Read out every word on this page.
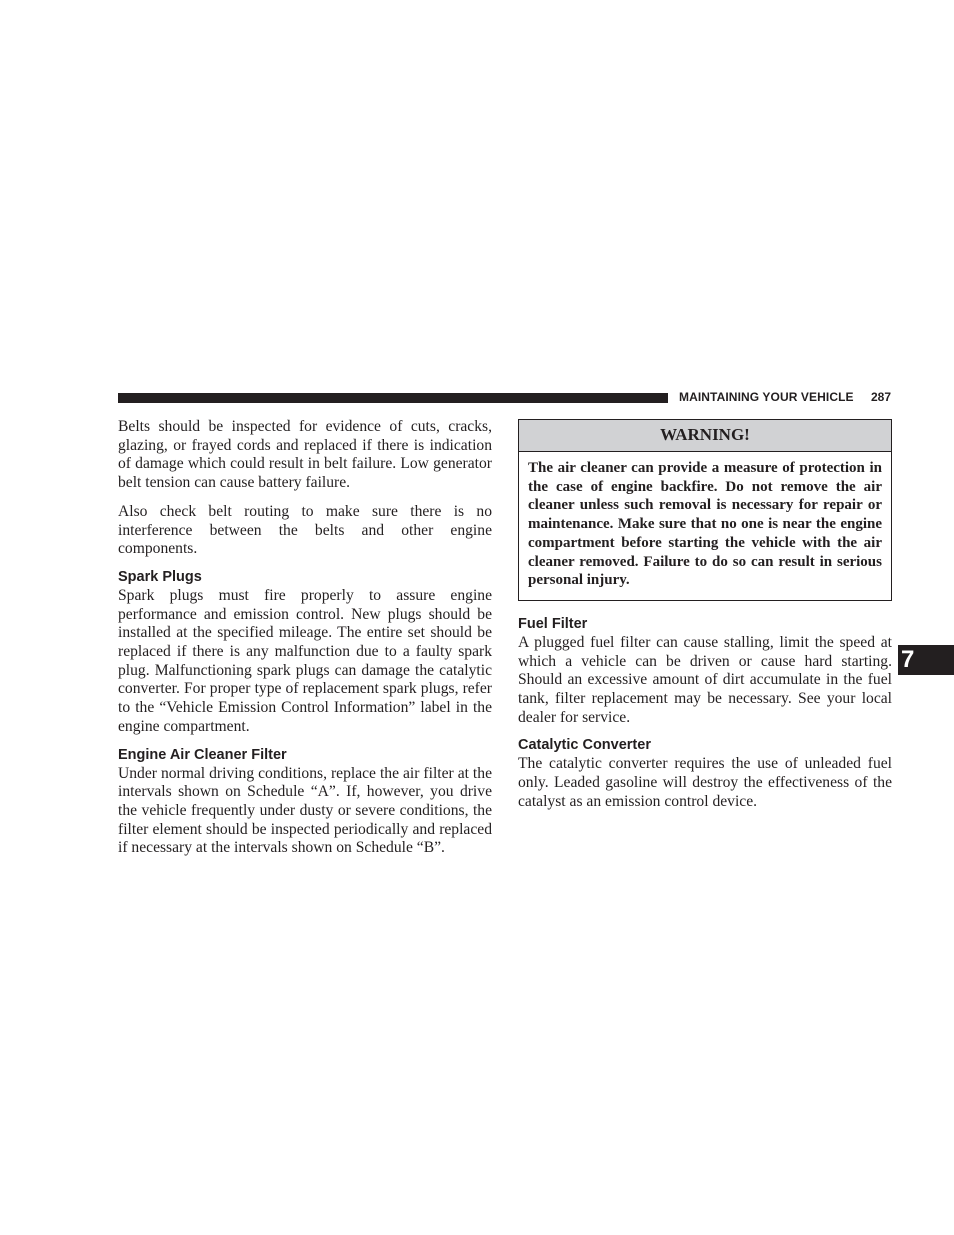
MAINTAINING YOUR VEHICLE 287

Belts should be inspected for evidence of cuts, cracks, glazing, or frayed cords and replaced if there is indication of damage which could result in belt failure. Low generator belt tension can cause battery failure.

Also check belt routing to make sure there is no interference between the belts and other engine components.

Spark Plugs

Spark plugs must fire properly to assure engine performance and emission control. New plugs should be installed at the specified mileage. The entire set should be replaced if there is any malfunction due to a faulty spark plug. Malfunctioning spark plugs can damage the catalytic converter. For proper type of replacement spark plugs, refer to the “Vehicle Emission Control Information” label in the engine compartment.

Engine Air Cleaner Filter

Under normal driving conditions, replace the air filter at the intervals shown on Schedule “A”. If, however, you drive the vehicle frequently under dusty or severe conditions, the filter element should be inspected periodically and replaced if necessary at the intervals shown on Schedule “B”.

WARNING!
The air cleaner can provide a measure of protection in the case of engine backfire. Do not remove the air cleaner unless such removal is necessary for repair or maintenance. Make sure that no one is near the engine compartment before starting the vehicle with the air cleaner removed. Failure to do so can result in serious personal injury.
Fuel Filter

A plugged fuel filter can cause stalling, limit the speed at which a vehicle can be driven or cause hard starting. Should an excessive amount of dirt accumulate in the fuel tank, filter replacement may be necessary. See your local dealer for service.

Catalytic Converter

The catalytic converter requires the use of unleaded fuel only. Leaded gasoline will destroy the effectiveness of the catalyst as an emission control device.

7
